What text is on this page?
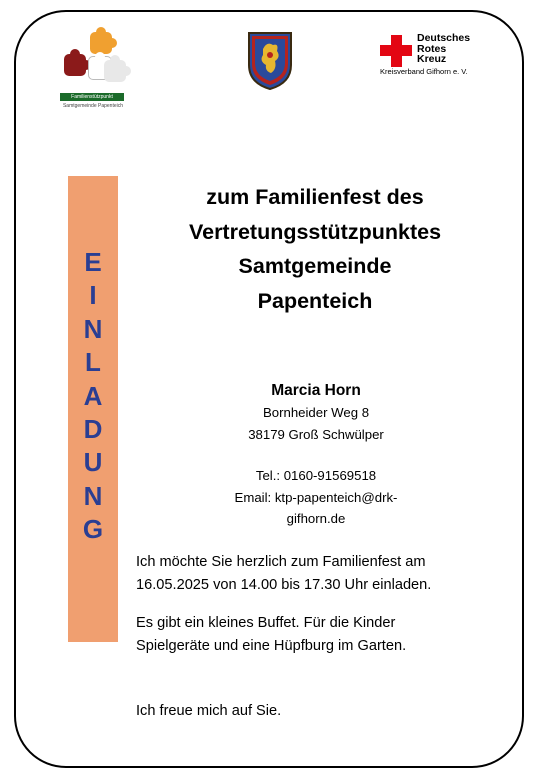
Familienstützpunkt
Samtgemeinde Papenteich
Deutsches
Rotes
Kreuz
Kreisverband Gifhorn e. V.
E
I
N
L
A
D
U
N
G
zum Familienfest des
Vertretungsstützpunktes
Samtgemeinde
Papenteich
Marcia Horn
Bornheider Weg 8
38179 Groß Schwülper
Tel.: 0160-91569518
Email: ktp-papenteich@drk-
gifhorn.de
Ich möchte Sie herzlich zum Familienfest am
16.05.2025 von 14.00 bis 17.30 Uhr einladen.
Es gibt ein kleines Buffet. Für die Kinder
Spielgeräte und eine Hüpfburg im Garten.
Ich freue mich auf Sie.
